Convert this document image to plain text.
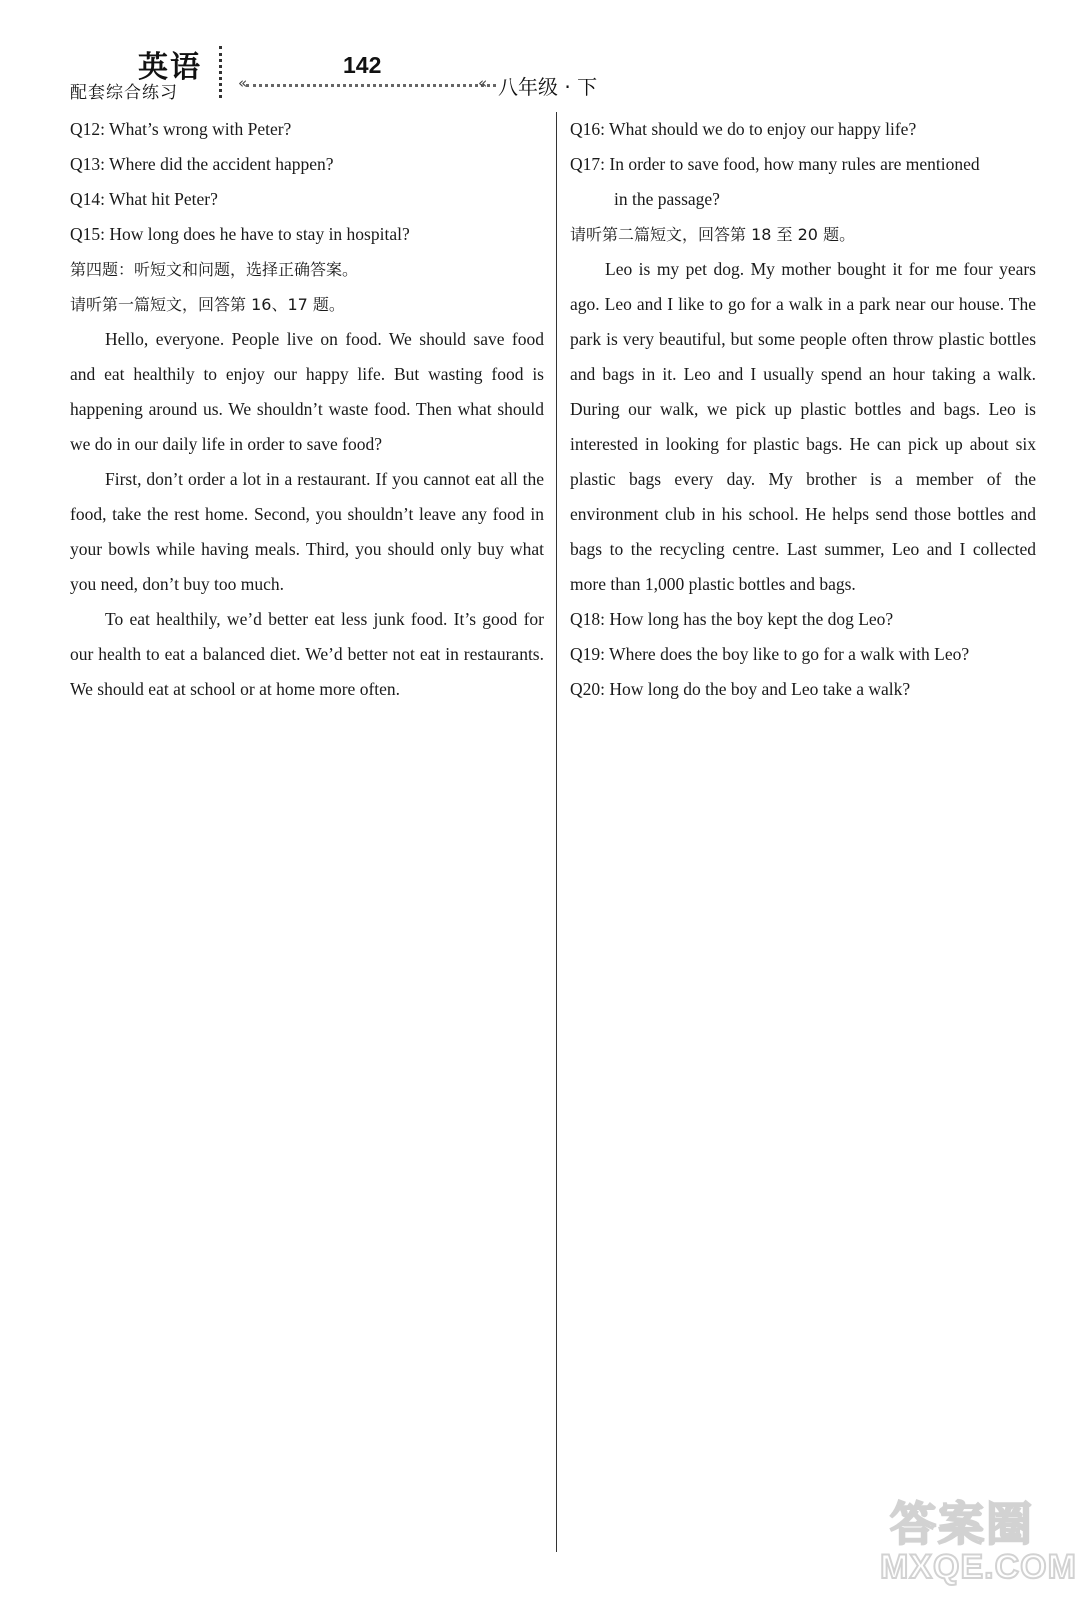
英语
配套综合练习
142
«	« 八年级 · 下
Q12: What’s wrong with Peter?
Q13: Where did the accident happen?
Q14: What hit Peter?
Q15: How long does he have to stay in hospital?
第四题：听短文和问题，选择正确答案。
请听第一篇短文，回答第 16、17 题。

Hello, everyone. People live on food. We should save food and eat healthily to enjoy our happy life. But wasting food is happening around us. We shouldn’t waste food. Then what should we do in our daily life in order to save food?

First, don’t order a lot in a restaurant. If you cannot eat all the food, take the rest home. Second, you shouldn’t leave any food in your bowls while having meals. Third, you should only buy what you need, don’t buy too much.

To eat healthily, we’d better eat less junk food. It’s good for our health to eat a balanced diet. We’d better not eat in restaurants. We should eat at school or at home more often.

Q16: What should we do to enjoy our happy life?
Q17: In order to save food, how many rules are mentioned
in the passage?
请听第二篇短文，回答第 18 至 20 题。

Leo is my pet dog. My mother bought it for me four years ago. Leo and I like to go for a walk in a park near our house. The park is very beautiful, but some people often throw plastic bottles and bags in it. Leo and I usually spend an hour taking a walk. During our walk, we pick up plastic bottles and bags. Leo is interested in looking for plastic bags. He can pick up about six plastic bags every day. My brother is a member of the environment club in his school. He helps send those bottles and bags to the recycling centre. Last summer, Leo and I collected more than 1,000 plastic bottles and bags.

Q18: How long has the boy kept the dog Leo?
Q19: Where does the boy like to go for a walk with Leo?
Q20: How long do the boy and Leo take a walk?
答案圈
MXQE.COM
